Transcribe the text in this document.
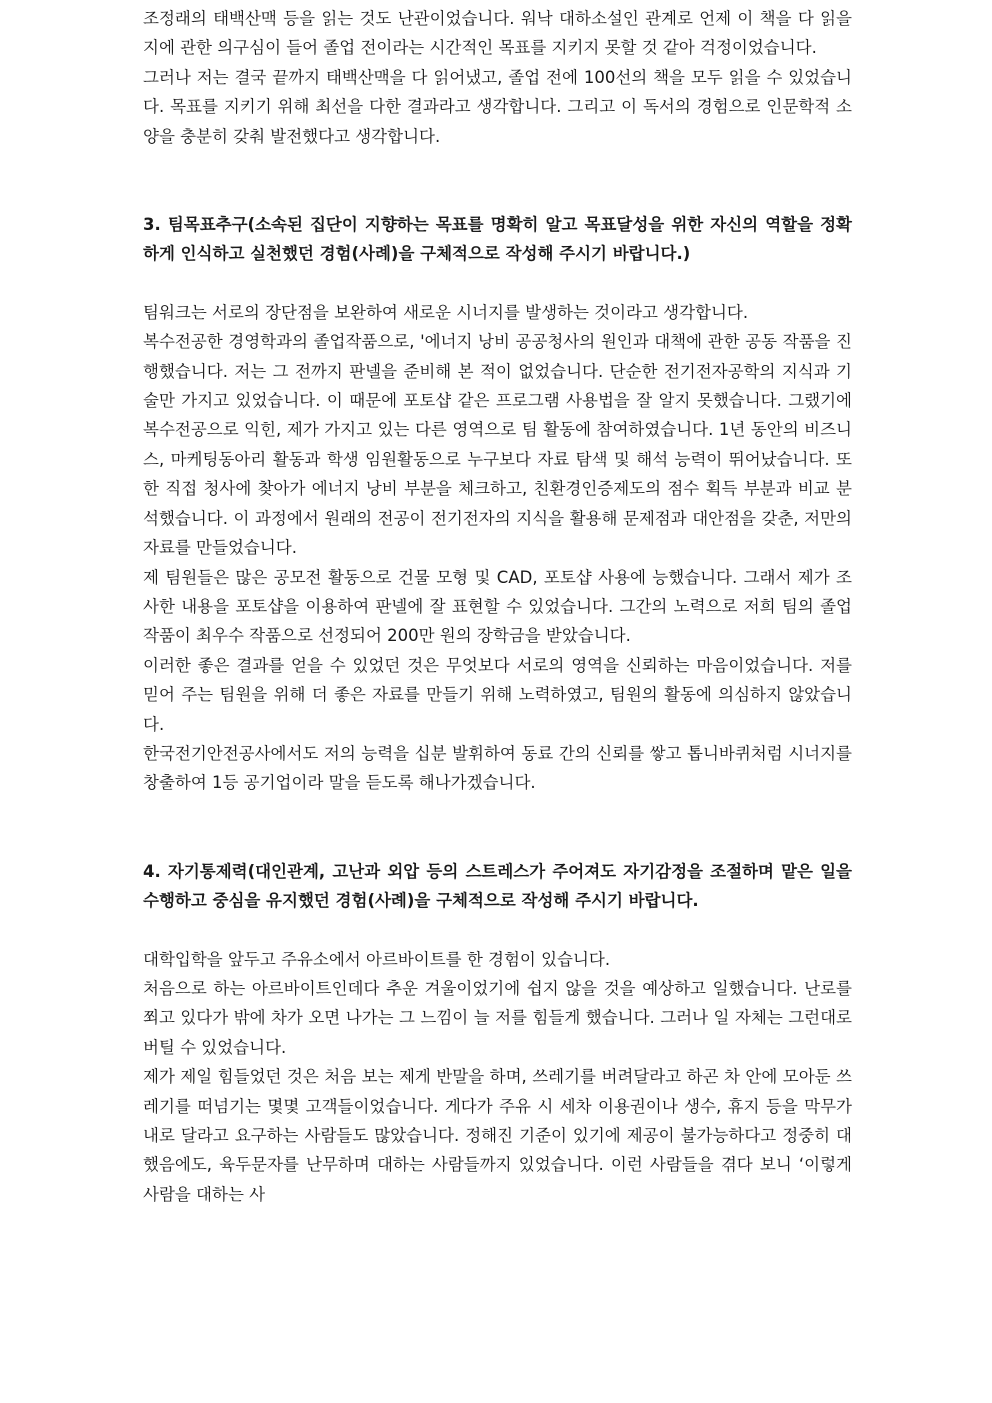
조정래의 태백산맥 등을 읽는 것도 난관이었습니다. 워낙 대하소설인 관계로 언제 이 책을 다 읽을지에 관한 의구심이 들어 졸업 전이라는 시간적인 목표를 지키지 못할 것 같아 걱정이었습니다.

그러나 저는 결국 끝까지 태백산맥을 다 읽어냈고, 졸업 전에 100선의 책을 모두 읽을 수 있었습니다. 목표를 지키기 위해 최선을 다한 결과라고 생각합니다. 그리고 이 독서의 경험으로 인문학적 소양을 충분히 갖춰 발전했다고 생각합니다.

3. 팀목표추구(소속된 집단이 지향하는 목표를 명확히 알고 목표달성을 위한 자신의 역할을 정확하게 인식하고 실천했던 경험(사례)을 구체적으로 작성해 주시기 바랍니다.)

팀워크는 서로의 장단점을 보완하여 새로운 시너지를 발생하는 것이라고 생각합니다.

복수전공한 경영학과의 졸업작품으로, '에너지 낭비 공공청사의 원인과 대책에 관한 공동 작품을 진행했습니다. 저는 그 전까지 판넬을 준비해 본 적이 없었습니다. 단순한 전기전자공학의 지식과 기술만 가지고 있었습니다. 이 때문에 포토샵 같은 프로그램 사용법을 잘 알지 못했습니다. 그랬기에 복수전공으로 익힌, 제가 가지고 있는 다른 영역으로 팀 활동에 참여하였습니다. 1년 동안의 비즈니스, 마케팅동아리 활동과 학생 임원활동으로 누구보다 자료 탐색 및 해석 능력이 뛰어났습니다. 또한 직접 청사에 찾아가 에너지 낭비 부분을 체크하고, 친환경인증제도의 점수 획득 부분과 비교 분석했습니다. 이 과정에서 원래의 전공이 전기전자의 지식을 활용해 문제점과 대안점을 갖춘, 저만의 자료를 만들었습니다.

제 팀원들은 많은 공모전 활동으로 건물 모형 및 CAD, 포토샵 사용에 능했습니다. 그래서 제가 조사한 내용을 포토샵을 이용하여 판넬에 잘 표현할 수 있었습니다. 그간의 노력으로 저희 팀의 졸업작품이 최우수 작품으로 선정되어 200만 원의 장학금을 받았습니다.

이러한 좋은 결과를 얻을 수 있었던 것은 무엇보다 서로의 영역을 신뢰하는 마음이었습니다. 저를 믿어 주는 팀원을 위해 더 좋은 자료를 만들기 위해 노력하였고, 팀원의 활동에 의심하지 않았습니다.

한국전기안전공사에서도 저의 능력을 십분 발휘하여 동료 간의 신뢰를 쌓고 톱니바퀴처럼 시너지를 창출하여 1등 공기업이라 말을 듣도록 해나가겠습니다.

4. 자기통제력(대인관계, 고난과 외압 등의 스트레스가 주어져도 자기감정을 조절하며 맡은 일을 수행하고 중심을 유지했던 경험(사례)을 구체적으로 작성해 주시기 바랍니다.

대학입학을 앞두고 주유소에서 아르바이트를 한 경험이 있습니다.

처음으로 하는 아르바이트인데다 추운 겨울이었기에 쉽지 않을 것을 예상하고 일했습니다. 난로를 쬐고 있다가 밖에 차가 오면 나가는 그 느낌이 늘 저를 힘들게 했습니다. 그러나 일 자체는 그런대로 버틸 수 있었습니다.

제가 제일 힘들었던 것은 처음 보는 제게 반말을 하며, 쓰레기를 버려달라고 하곤 차 안에 모아둔 쓰레기를 떠넘기는 몇몇 고객들이었습니다. 게다가 주유 시 세차 이용권이나 생수, 휴지 등을 막무가내로 달라고 요구하는 사람들도 많았습니다. 정해진 기준이 있기에 제공이 불가능하다고 정중히 대했음에도, 육두문자를 난무하며 대하는 사람들까지 있었습니다. 이런 사람들을 겪다 보니 ‘이렇게 사람을 대하는 사
